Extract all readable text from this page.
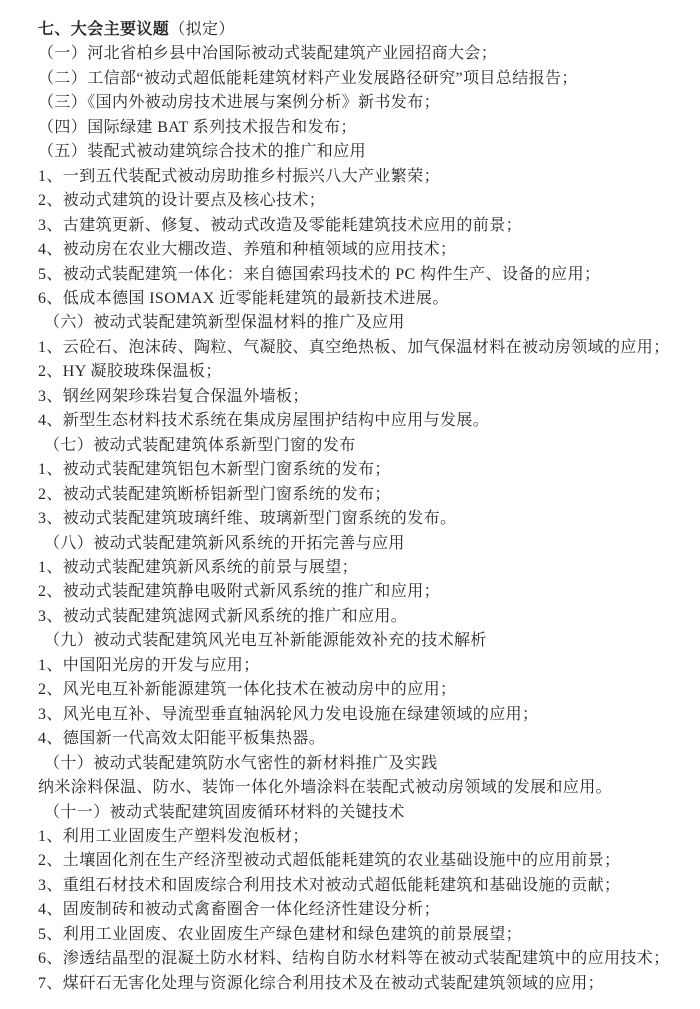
七、大会主要议题（拟定）

（一）河北省柏乡县中冶国际被动式装配建筑产业园招商大会；

（二）工信部“被动式超低能耗建筑材料产业发展路径研究”项目总结报告；

（三）《国内外被动房技术进展与案例分析》新书发布；

（四）国际绿建 BAT 系列技术报告和发布；

（五）装配式被动建筑综合技术的推广和应用

1、一到五代装配式被动房助推乡村振兴八大产业繁荣；

2、被动式建筑的设计要点及核心技术；

3、古建筑更新、修复、被动式改造及零能耗建筑技术应用的前景；

4、被动房在农业大棚改造、养殖和种植领域的应用技术；

5、被动式装配建筑一体化：来自德国索玛技术的 PC 构件生产、设备的应用；

6、低成本德国 ISOMAX 近零能耗建筑的最新技术进展。

（六）被动式装配建筑新型保温材料的推广及应用

1、云砼石、泡沫砖、陶粒、气凝胶、真空绝热板、加气保温材料在被动房领域的应用；

2、HY 凝胶玻珠保温板；

3、钢丝网架珍珠岩复合保温外墙板；

4、新型生态材料技术系统在集成房屋围护结构中应用与发展。

（七）被动式装配建筑体系新型门窗的发布

1、被动式装配建筑铝包木新型门窗系统的发布；

2、被动式装配建筑断桥铝新型门窗系统的发布；

3、被动式装配建筑玻璃纤维、玻璃新型门窗系统的发布。

（八）被动式装配建筑新风系统的开拓完善与应用

1、被动式装配建筑新风系统的前景与展望；

2、被动式装配建筑静电吸附式新风系统的推广和应用；

3、被动式装配建筑滤网式新风系统的推广和应用。

（九）被动式装配建筑风光电互补新能源能效补充的技术解析

1、中国阳光房的开发与应用；

2、风光电互补新能源建筑一体化技术在被动房中的应用；

3、风光电互补、导流型垂直轴涡轮风力发电设施在绿建领域的应用；

4、德国新一代高效太阳能平板集热器。

（十）被动式装配建筑防水气密性的新材料推广及实践

纳米涂料保温、防水、装饰一体化外墙涂料在装配式被动房领域的发展和应用。

（十一）被动式装配建筑固废循环材料的关键技术

1、利用工业固废生产塑料发泡板材；

2、土壤固化剂在生产经济型被动式超低能耗建筑的农业基础设施中的应用前景；

3、重组石材技术和固废综合利用技术对被动式超低能耗建筑和基础设施的贡献；

4、固废制砖和被动式禽畜圈舍一体化经济性建设分析；

5、利用工业固废、农业固废生产绿色建材和绿色建筑的前景展望；

6、渗透结晶型的混凝土防水材料、结构自防水材料等在被动式装配建筑中的应用技术；

7、煤矸石无害化处理与资源化综合利用技术及在被动式装配建筑领域的应用；
